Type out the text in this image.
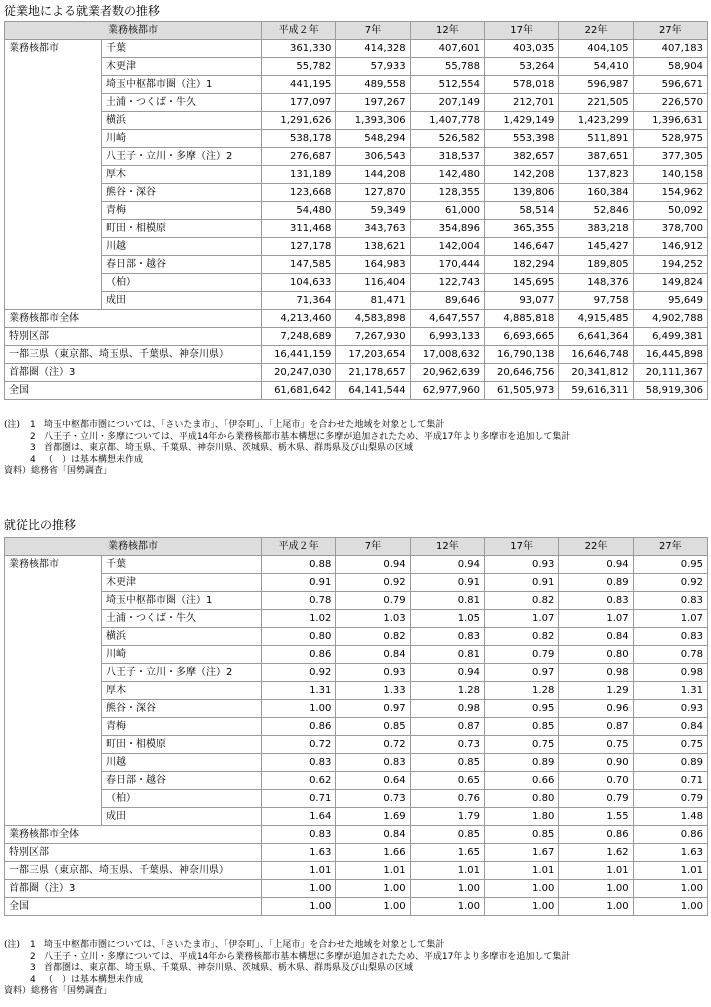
従業地による就業者数の推移
業務核都市		平成２年	7年	12年	17年	22年	27年
業務核都市	千葉	361,330	414,328	407,601	403,035	404,105	407,183
	木更津	55,782	57,933	55,788	53,264	54,410	58,904
	埼玉中枢都市圏（注）1	441,195	489,558	512,554	578,018	596,987	596,671
	土浦・つくば・牛久	177,097	197,267	207,149	212,701	221,505	226,570
	横浜	1,291,626	1,393,306	1,407,778	1,429,149	1,423,299	1,396,631
	川崎	538,178	548,294	526,582	553,398	511,891	528,975
	八王子・立川・多摩（注）2	276,687	306,543	318,537	382,657	387,651	377,305
	厚木	131,189	144,208	142,480	142,208	137,823	140,158
	熊谷・深谷	123,668	127,870	128,355	139,806	160,384	154,962
	青梅	54,480	59,349	61,000	58,514	52,846	50,092
	町田・相模原	311,468	343,763	354,896	365,355	383,218	378,700
	川越	127,178	138,621	142,004	146,647	145,427	146,912
	春日部・越谷	147,585	164,983	170,444	182,294	189,805	194,252
	（柏）	104,633	116,404	122,743	145,695	148,376	149,824
	成田	71,364	81,471	89,646	93,077	97,758	95,649
業務核都市全体		4,213,460	4,583,898	4,647,557	4,885,818	4,915,485	4,902,788
特別区部		7,248,689	7,267,930	6,993,133	6,693,665	6,641,364	6,499,381
一都三県（東京都、埼玉県、千葉県、神奈川県）		16,441,159	17,203,654	17,008,632	16,790,138	16,646,748	16,445,898
首都圏（注）3		20,247,030	21,178,657	20,962,639	20,646,756	20,341,812	20,111,367
全国		61,681,642	64,141,544	62,977,960	61,505,973	59,616,311	58,919,306
(注)	1 埼玉中枢都市圏については、「さいたま市」、「伊奈町」、「上尾市」を合わせた地域を対象として集計
2 八王子・立川・多摩については、平成14年から業務核都市基本構想に多摩が追加されたため、平成17年より多摩市を追加して集計
3 首都圏は、東京都、埼玉県、千葉県、神奈川県、茨城県、栃木県、群馬県及び山梨県の区域
4 （　）は基本構想未作成
資料）総務省「国勢調査」
就従比の推移
業務核都市		平成２年	7年	12年	17年	22年	27年
業務核都市	千葉	0.88	0.94	0.94	0.93	0.94	0.95
	木更津	0.91	0.92	0.91	0.91	0.89	0.92
	埼玉中枢都市圏（注）1	0.78	0.79	0.81	0.82	0.83	0.83
	土浦・つくば・牛久	1.02	1.03	1.05	1.07	1.07	1.07
	横浜	0.80	0.82	0.83	0.82	0.84	0.83
	川崎	0.86	0.84	0.81	0.79	0.80	0.78
	八王子・立川・多摩（注）2	0.92	0.93	0.94	0.97	0.98	0.98
	厚木	1.31	1.33	1.28	1.28	1.29	1.31
	熊谷・深谷	1.00	0.97	0.98	0.95	0.96	0.93
	青梅	0.86	0.85	0.87	0.85	0.87	0.84
	町田・相模原	0.72	0.72	0.73	0.75	0.75	0.75
	川越	0.83	0.83	0.85	0.89	0.90	0.89
	春日部・越谷	0.62	0.64	0.65	0.66	0.70	0.71
	（柏）	0.71	0.73	0.76	0.80	0.79	0.79
	成田	1.64	1.69	1.79	1.80	1.55	1.48
業務核都市全体		0.83	0.84	0.85	0.85	0.86	0.86
特別区部		1.63	1.66	1.65	1.67	1.62	1.63
一都三県（東京都、埼玉県、千葉県、神奈川県）		1.01	1.01	1.01	1.01	1.01	1.01
首都圏（注）3		1.00	1.00	1.00	1.00	1.00	1.00
全国		1.00	1.00	1.00	1.00	1.00	1.00
(注)	1 埼玉中枢都市圏については、「さいたま市」、「伊奈町」、「上尾市」を合わせた地域を対象として集計
2 八王子・立川・多摩については、平成14年から業務核都市基本構想に多摩が追加されたため、平成17年より多摩市を追加して集計
3 首都圏は、東京都、埼玉県、千葉県、神奈川県、茨城県、栃木県、群馬県及び山梨県の区域
4 （　）は基本構想未作成
資料）総務省「国勢調査」
